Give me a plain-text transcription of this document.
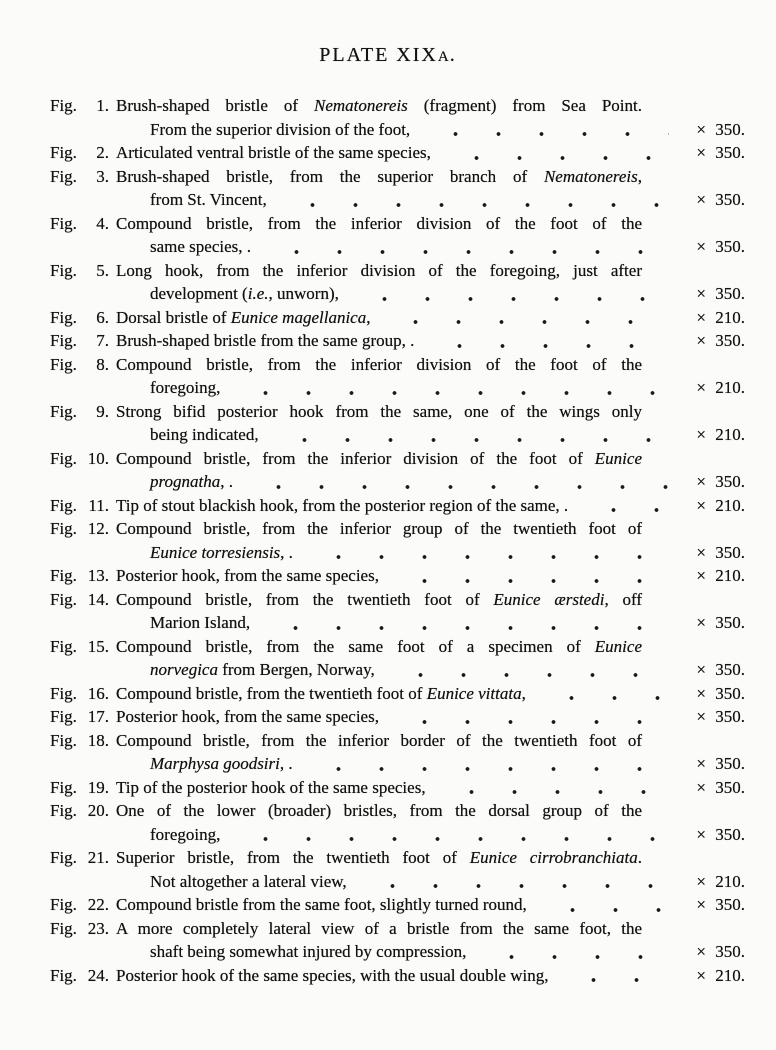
PLATE XIXA.
Fig.	1. Brush-shaped bristle of Nematonereis (fragment) from Sea Point.
From the superior division of the foot,	× 350.
Fig.	2. Articulated ventral bristle of the same species,	× 350.
Fig.	3. Brush-shaped bristle, from the superior branch of Nematonereis,
from St. Vincent,	× 350.
Fig.	4. Compound bristle, from the inferior division of the foot of the
same species, .	× 350.
Fig.	5. Long hook, from the inferior division of the foregoing, just after
development (i.e., unworn),	× 350.
Fig.	6. Dorsal bristle of Eunice magellanica,	× 210.
Fig.	7. Brush-shaped bristle from the same group, .	× 350.
Fig.	8. Compound bristle, from the inferior division of the foot of the
foregoing,	× 210.
Fig.	9. Strong bifid posterior hook from the same, one of the wings only
being indicated,	× 210.
Fig. 10. Compound bristle, from the inferior division of the foot of Eunice
prognatha, .	× 350.
Fig. 11. Tip of stout blackish hook, from the posterior region of the same, .	× 210.
Fig. 12. Compound bristle, from the inferior group of the twentieth foot of
Eunice torresiensis, .	× 350.
Fig. 13. Posterior hook, from the same species,	× 210.
Fig. 14. Compound bristle, from the twentieth foot of Eunice ærstedi, off
Marion Island,	× 350.
Fig. 15. Compound bristle, from the same foot of a specimen of Eunice
norvegica from Bergen, Norway,	× 350.
Fig. 16. Compound bristle, from the twentieth foot of Eunice vittata,	× 350.
Fig. 17. Posterior hook, from the same species,	× 350.
Fig. 18. Compound bristle, from the inferior border of the twentieth foot of
Marphysa goodsiri, .	× 350.
Fig. 19. Tip of the posterior hook of the same species,	× 350.
Fig. 20. One of the lower (broader) bristles, from the dorsal group of the
foregoing,	× 350.
Fig. 21. Superior bristle, from the twentieth foot of Eunice cirrobranchiata.
Not altogether a lateral view,	× 210.
Fig. 22. Compound bristle from the same foot, slightly turned round,	× 350.
Fig. 23. A more completely lateral view of a bristle from the same foot, the
shaft being somewhat injured by compression,	× 350.
Fig. 24. Posterior hook of the same species, with the usual double wing,	× 210.
